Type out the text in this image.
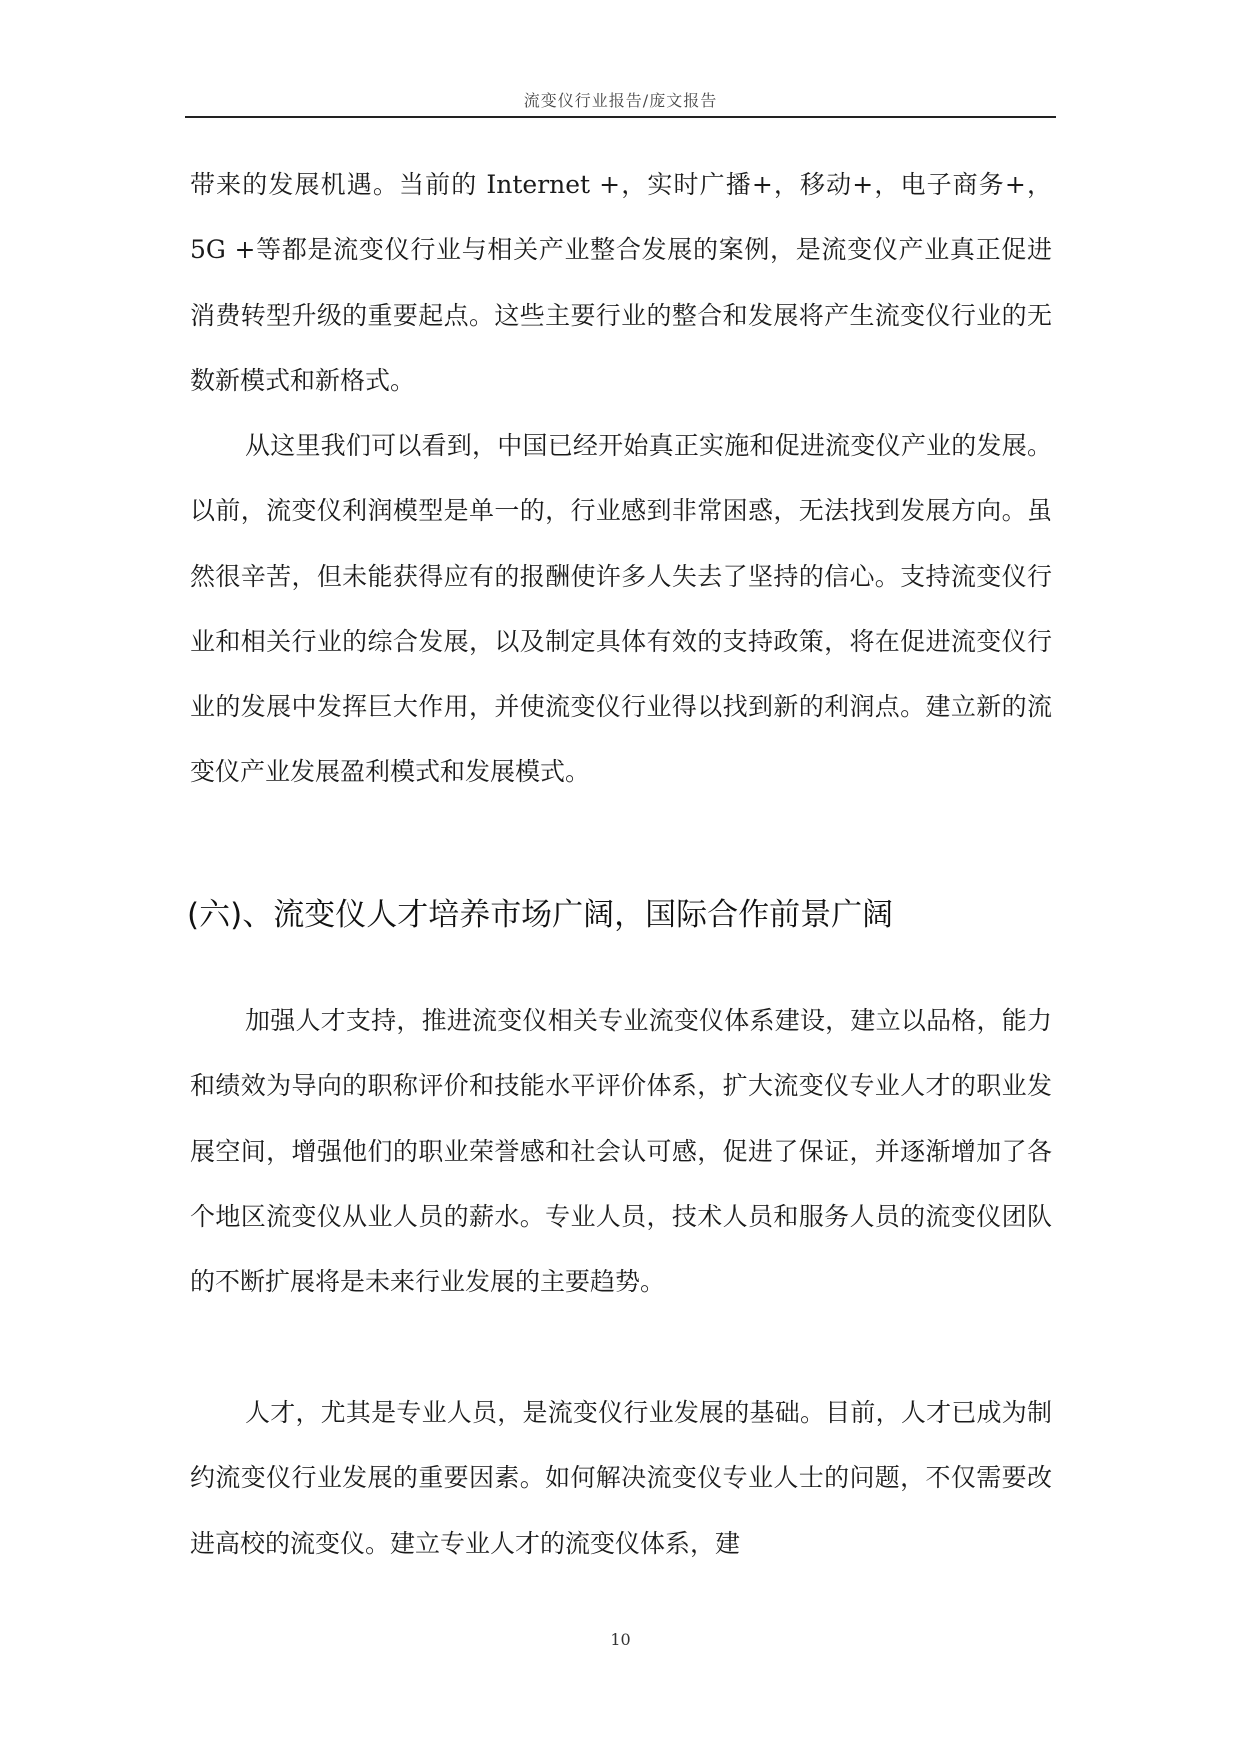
流变仪行业报告/庞文报告

带来的发展机遇。当前的 Internet +，实时广播+，移动+，电子商务+，5G +等都是流变仪行业与相关产业整合发展的案例，是流变仪产业真正促进消费转型升级的重要起点。这些主要行业的整合和发展将产生流变仪行业的无数新模式和新格式。

从这里我们可以看到，中国已经开始真正实施和促进流变仪产业的发展。以前，流变仪利润模型是单一的，行业感到非常困惑，无法找到发展方向。虽然很辛苦，但未能获得应有的报酬使许多人失去了坚持的信心。支持流变仪行业和相关行业的综合发展，以及制定具体有效的支持政策，将在促进流变仪行业的发展中发挥巨大作用，并使流变仪行业得以找到新的利润点。建立新的流变仪产业发展盈利模式和发展模式。

(六)、流变仪人才培养市场广阔，国际合作前景广阔

加强人才支持，推进流变仪相关专业流变仪体系建设，建立以品格，能力和绩效为导向的职称评价和技能水平评价体系，扩大流变仪专业人才的职业发展空间，增强他们的职业荣誉感和社会认可感，促进了保证，并逐渐增加了各个地区流变仪从业人员的薪水。专业人员，技术人员和服务人员的流变仪团队的不断扩展将是未来行业发展的主要趋势。

人才，尤其是专业人员，是流变仪行业发展的基础。目前，人才已成为制约流变仪行业发展的重要因素。如何解决流变仪专业人士的问题，不仅需要改进高校的流变仪。建立专业人才的流变仪体系，建

10
